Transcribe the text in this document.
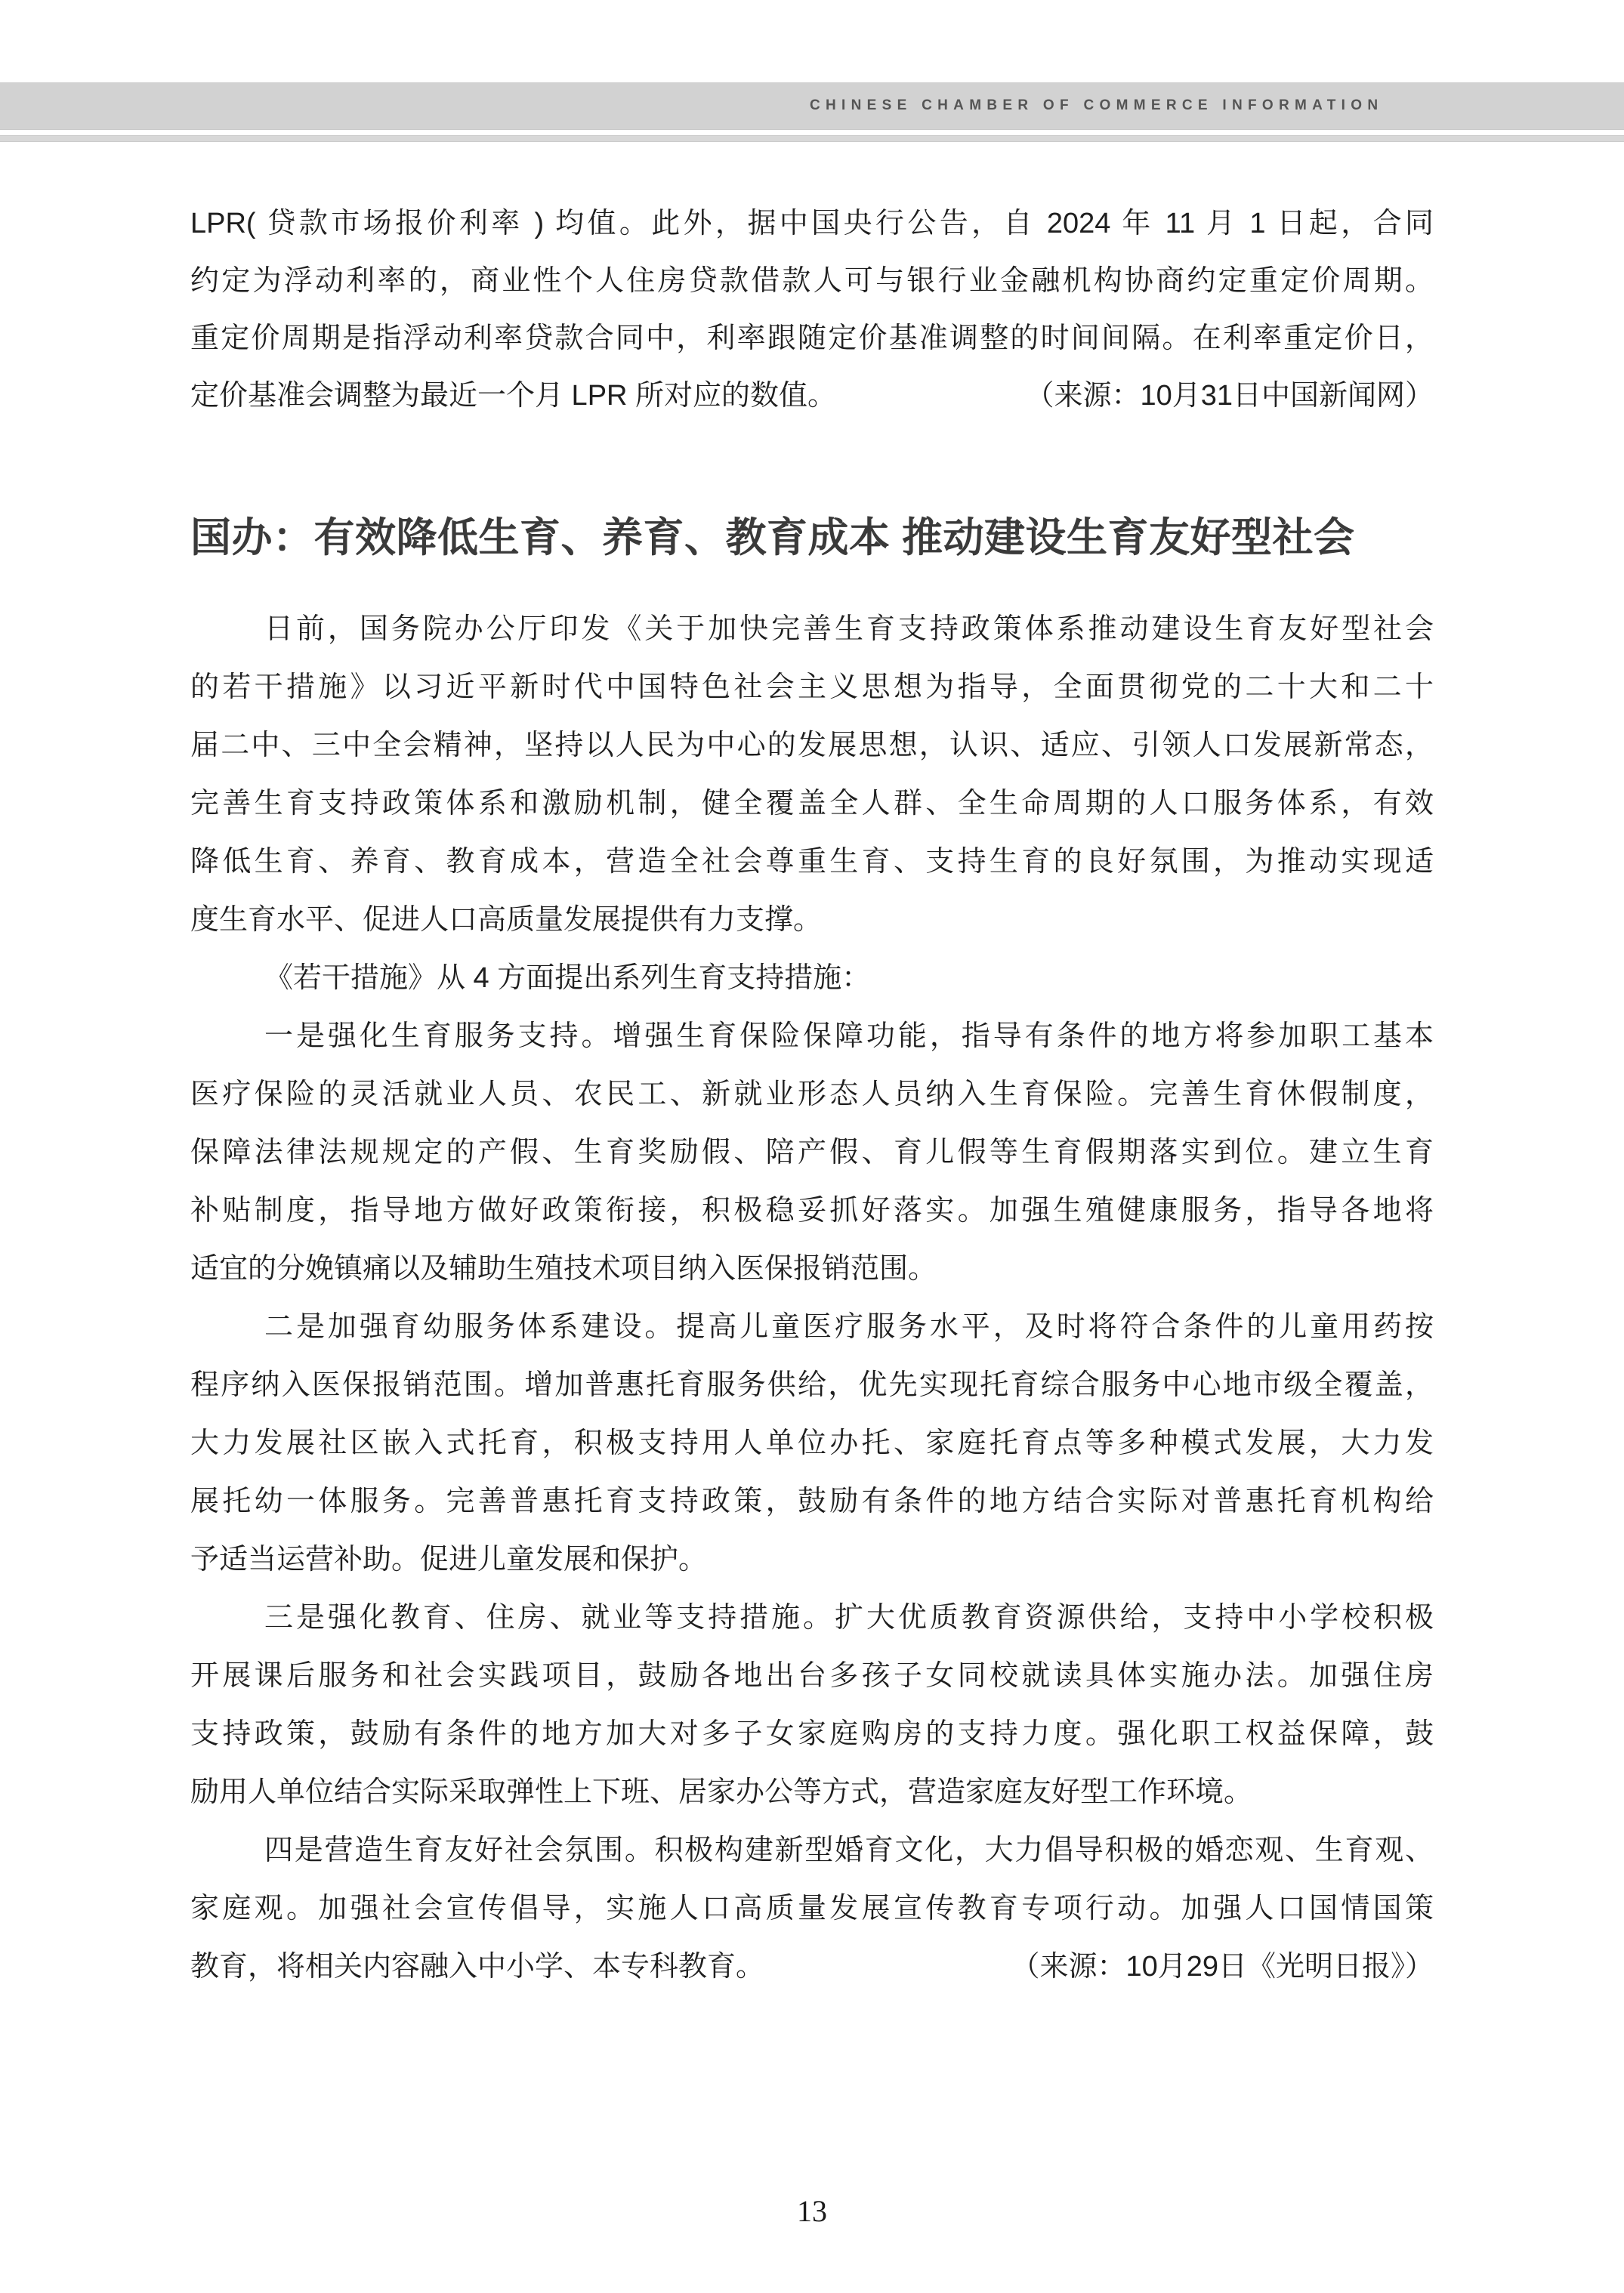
CHINESE CHAMBER OF COMMERCE INFORMATION
LPR( 贷款市场报价利率 ) 均值。此外，据中国央行公告，自 2024 年 11 月 1 日起，合同
约定为浮动利率的，商业性个人住房贷款借款人可与银行业金融机构协商约定重定价周期。
重定价周期是指浮动利率贷款合同中，利率跟随定价基准调整的时间间隔。在利率重定价日，
定价基准会调整为最近一个月 LPR 所对应的数值。	（来源：10月31日中国新闻网）
国办：有效降低生育、养育、教育成本 推动建设生育友好型社会
日前，国务院办公厅印发《关于加快完善生育支持政策体系推动建设生育友好型社会
的若干措施》以习近平新时代中国特色社会主义思想为指导，全面贯彻党的二十大和二十
届二中、三中全会精神，坚持以人民为中心的发展思想，认识、适应、引领人口发展新常态，
完善生育支持政策体系和激励机制，健全覆盖全人群、全生命周期的人口服务体系，有效
降低生育、养育、教育成本，营造全社会尊重生育、支持生育的良好氛围，为推动实现适
度生育水平、促进人口高质量发展提供有力支撑。
《若干措施》从 4 方面提出系列生育支持措施：
一是强化生育服务支持。增强生育保险保障功能，指导有条件的地方将参加职工基本
医疗保险的灵活就业人员、农民工、新就业形态人员纳入生育保险。完善生育休假制度，
保障法律法规规定的产假、生育奖励假、陪产假、育儿假等生育假期落实到位。建立生育
补贴制度，指导地方做好政策衔接，积极稳妥抓好落实。加强生殖健康服务，指导各地将
适宜的分娩镇痛以及辅助生殖技术项目纳入医保报销范围。
二是加强育幼服务体系建设。提高儿童医疗服务水平，及时将符合条件的儿童用药按
程序纳入医保报销范围。增加普惠托育服务供给，优先实现托育综合服务中心地市级全覆盖，
大力发展社区嵌入式托育，积极支持用人单位办托、家庭托育点等多种模式发展，大力发
展托幼一体服务。完善普惠托育支持政策，鼓励有条件的地方结合实际对普惠托育机构给
予适当运营补助。促进儿童发展和保护。
三是强化教育、住房、就业等支持措施。扩大优质教育资源供给，支持中小学校积极
开展课后服务和社会实践项目，鼓励各地出台多孩子女同校就读具体实施办法。加强住房
支持政策，鼓励有条件的地方加大对多子女家庭购房的支持力度。强化职工权益保障，鼓
励用人单位结合实际采取弹性上下班、居家办公等方式，营造家庭友好型工作环境。
四是营造生育友好社会氛围。积极构建新型婚育文化，大力倡导积极的婚恋观、生育观、
家庭观。加强社会宣传倡导，实施人口高质量发展宣传教育专项行动。加强人口国情国策
教育，将相关内容融入中小学、本专科教育。	（来源：10月29日《光明日报》）
13
